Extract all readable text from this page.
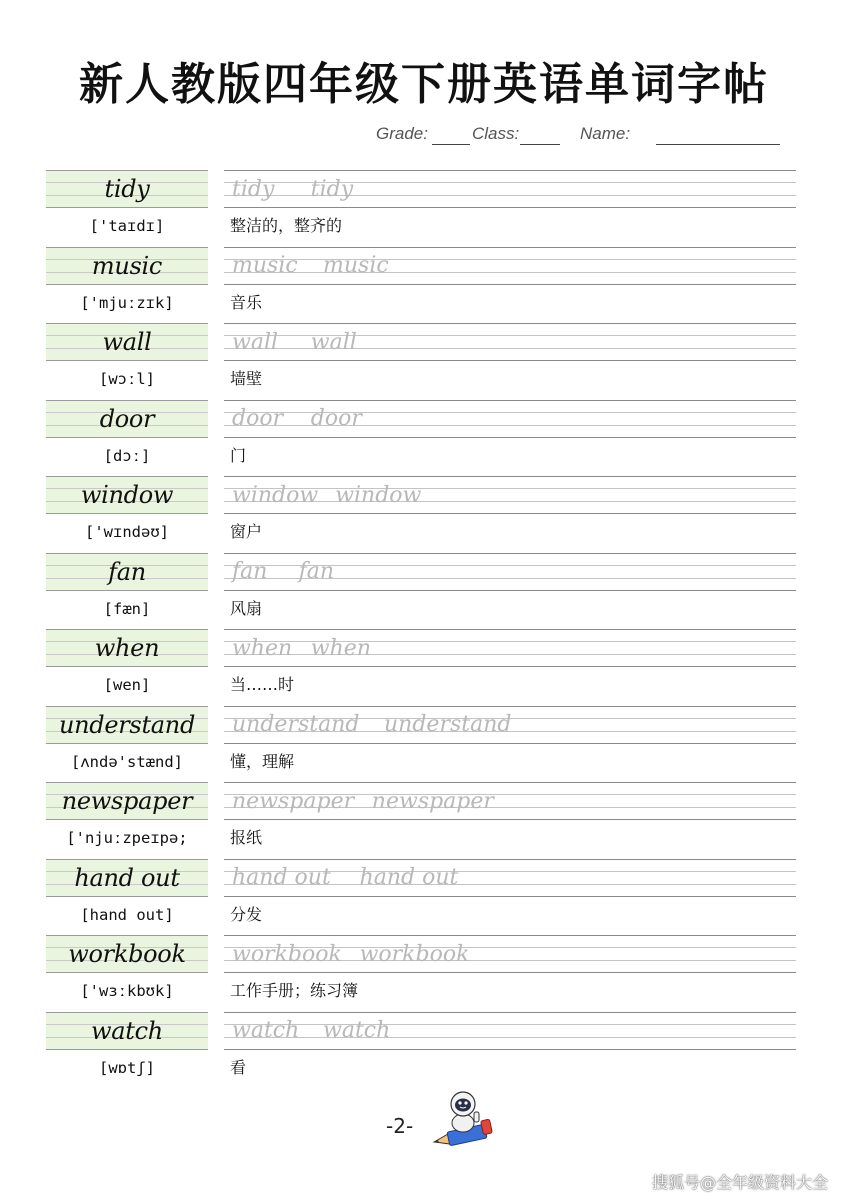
新人教版四年级下册英语单词字帖
Grade:	Class:	Name:
tidy	tidy tidy
['taɪdɪ]	整洁的，整齐的
music	music music
['mjuːzɪk]	音乐
wall	wall wall
[wɔːl]	墙壁
door	door door
[dɔː]	门
window	window window
['wɪndəʊ]	窗户
fan	fan fan
[fæn]	风扇
when	when when
[wen]	当……时
understand	understand understand
[ʌndə'stænd]	懂，理解
newspaper	newspaper newspaper
['njuːzpeɪpə;	报纸
hand out	hand out hand out
[hand out]	分发
workbook	workbook workbook
['wɜːkbʊk]	工作手册；练习簿
watch	watch watch
[wɒtʃ]	看
-2-
搜狐号@全年级资料大全
